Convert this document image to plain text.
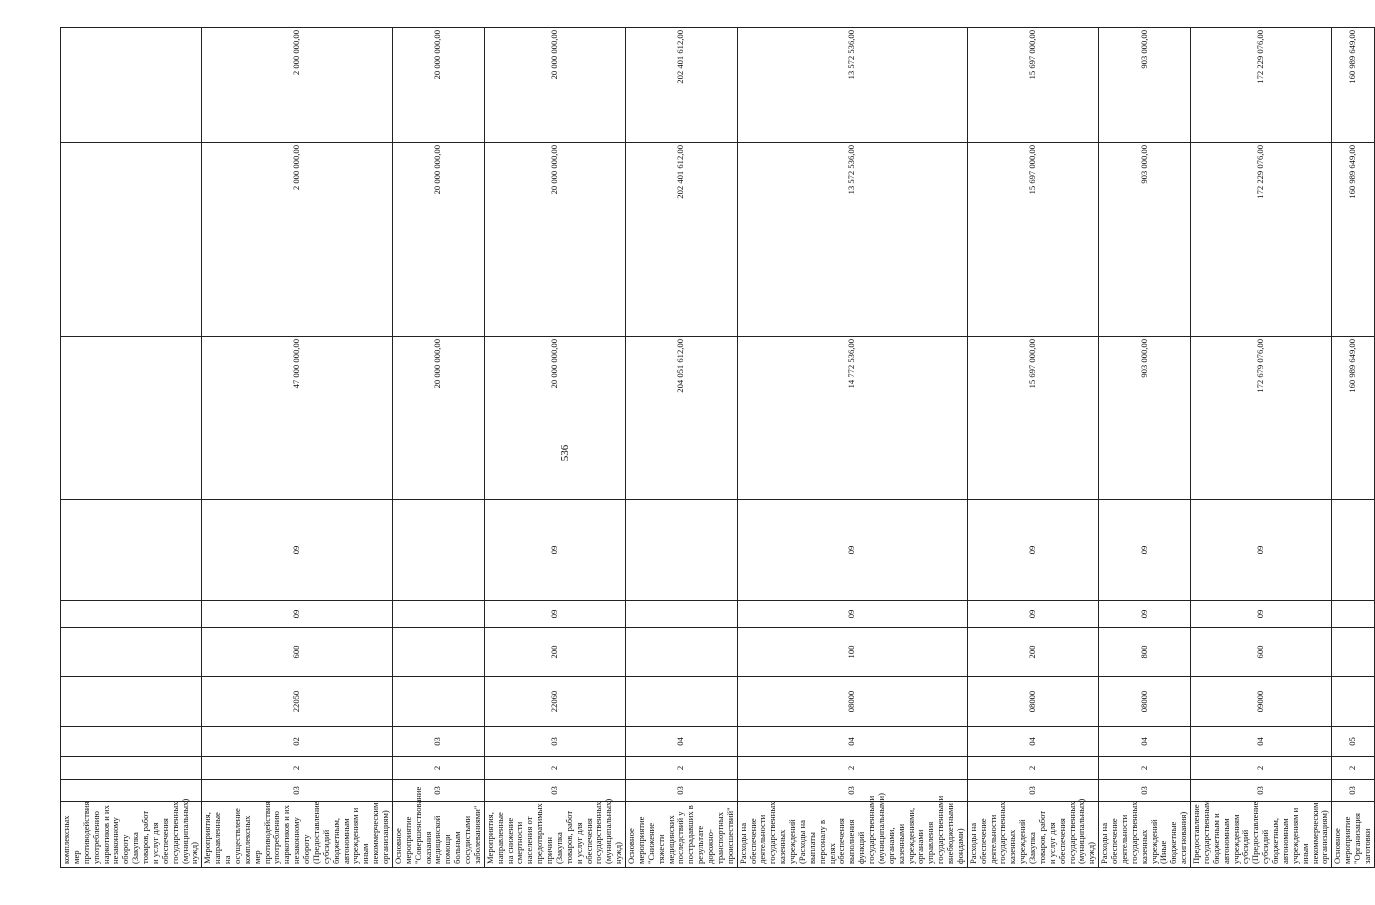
536
комплексных мер противодействия употреблению наркотиков и их незаконному обороту (Закупка товаров, работ и услуг для обеспечения государственных (муниципальных) нужд)										
Мероприятия, направленные на осуществление комплексных мер противодействия употреблению наркотиков и их незаконному обороту (Предоставление субсидий бюджетным, автономным учреждениям и иным некоммерческим организациям)	03	2	02	22050	600	09	09	47 000 000,00	2 000 000,00	2 000 000,00
Основное мероприятие "Совершенствование оказания медицинской помощи больным сосудистыми заболеваниями"	03	2	03					20 000 000,00	20 000 000,00	20 000 000,00
Мероприятия, направленные на снижение смертности населения от предотвратимых причин (Закупка товаров, работ и услуг для обеспечения государственных (муниципальных) нужд)	03	2	03	22060	200	09	09	20 000 000,00	20 000 000,00	20 000 000,00
Основное мероприятие "Снижение тяжести медицинских последствий у пострадавших в результате дорожно-транспортных происшествий"	03	2	04					204 051 612,00	202 401 612,00	202 401 612,00
Расходы на обеспечение деятельности государственных казенных учреждений (Расходы на выплаты персоналу в целях обеспечения выполнения функций государственными (муниципальными) органами, казенными учреждениями, органами управления государственными внебюджетными фондами)	03	2	04	08000	100	09	09	14 772 536,00	13 572 536,00	13 572 536,00
Расходы на обеспечение деятельности государственных казенных учреждений (Закупка товаров, работ и услуг для обеспечения государственных (муниципальных) нужд)	03	2	04	08000	200	09	09	15 697 000,00	15 697 000,00	15 697 000,00
Расходы на обеспечение деятельности государственных казенных учреждений (Иные бюджетные ассигнования)	03	2	04	08000	800	09	09	903 000,00	903 000,00	903 000,00
Предоставление государственным бюджетным и автономным учреждениям субсидий (Предоставление субсидий бюджетным, автономным учреждениям и иным некоммерческим организациям)	03	2	04	09000	600	09	09	172 679 076,00	172 229 076,00	172 229 076,00
Основное мероприятие "Организация заготовки	03	2	05					160 989 649,00	160 989 649,00	160 989 649,00
